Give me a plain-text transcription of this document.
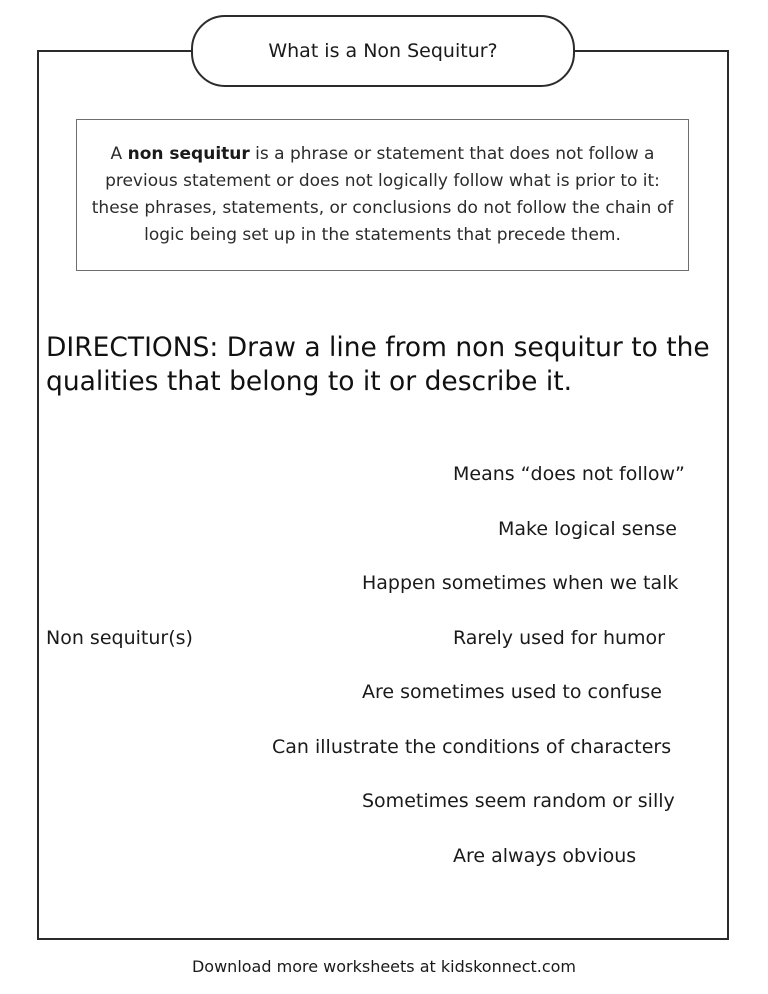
What is a Non Sequitur?

A non sequitur is a phrase or statement that does not follow a previous statement or does not logically follow what is prior to it: these phrases, statements, or conclusions do not follow the chain of logic being set up in the statements that precede them.

DIRECTIONS: Draw a line from non sequitur to the qualities that belong to it or describe it.
Non sequitur(s)
Means “does not follow”
Make logical sense
Happen sometimes when we talk
Rarely used for humor
Are sometimes used to confuse
Can illustrate the conditions of characters
Sometimes seem random or silly
Are always obvious
Download more worksheets at kidskonnect.com
